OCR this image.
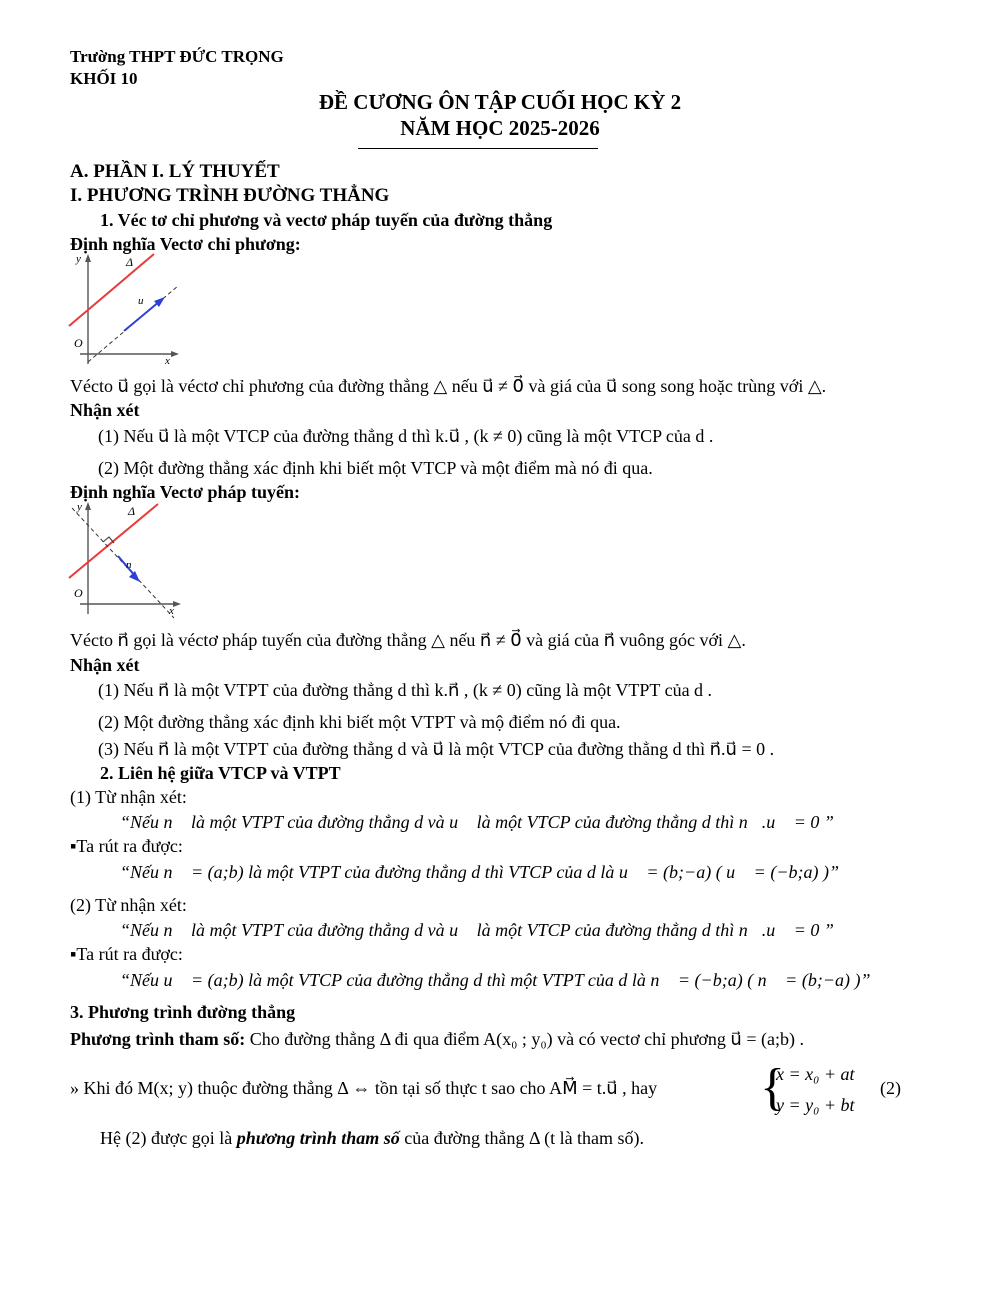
Trường THPT ĐỨC TRỌNG
KHỐI 10
ĐỀ CƯƠNG ÔN TẬP CUỐI HỌC KỲ 2
NĂM HỌC 2025-2026
A. PHẦN I. LÝ THUYẾT
I. PHƯƠNG TRÌNH ĐƯỜNG THẲNG
1. Véc tơ chỉ phương và vectơ pháp tuyến của đường thẳng
Định nghĩa Vectơ chỉ phương:
y	Δ
u⃗
O
x
Vécto u⃗ gọi là véctơ chỉ phương của đường thẳng △ nếu u⃗ ≠ 0⃗ và giá của u⃗ song song hoặc trùng với △.
Nhận xét
(1) Nếu u⃗ là một VTCP của đường thẳng d thì k.u⃗ , (k ≠ 0) cũng là một VTCP của d .
(2) Một đường thẳng xác định khi biết một VTCP và một điểm mà nó đi qua.
Định nghĩa Vectơ pháp tuyến:
y	Δ
n⃗
O
x
Vécto n⃗ gọi là véctơ pháp tuyến của đường thẳng △ nếu n⃗ ≠ 0⃗ và giá của n⃗ vuông góc với △.
Nhận xét
(1) Nếu n⃗ là một VTPT của đường thẳng d thì k.n⃗ , (k ≠ 0) cũng là một VTPT của d .
(2) Một đường thẳng xác định khi biết một VTPT và mộ điểm nó đi qua.
(3) Nếu n⃗ là một VTPT của đường thẳng d và u⃗ là một VTCP của đường thẳng d thì n⃗.u⃗ = 0 .
2. Liên hệ giữa VTCP và VTPT
(1) Từ nhận xét:
“Nếu n⃗ là một VTPT của đường thẳng d và u⃗ là một VTCP của đường thẳng d thì n⃗.u⃗ = 0 ”
▪Ta rút ra được:
“Nếu n⃗ = (a;b) là một VTPT của đường thẳng d thì VTCP của d là u⃗ = (b;−a) ( u⃗ = (−b;a) )”
(2) Từ nhận xét:
“Nếu n⃗ là một VTPT của đường thẳng d và u⃗ là một VTCP của đường thẳng d thì n⃗.u⃗ = 0 ”
▪Ta rút ra được:
“Nếu u⃗ = (a;b) là một VTCP của đường thẳng d thì một VTPT của d là n⃗ = (−b;a) ( n⃗ = (b;−a) )”
3. Phương trình đường thẳng
Phương trình tham số: Cho đường thẳng Δ đi qua điểm A(x₀ ; y₀) và có vectơ chỉ phương u⃗ = (a;b) .
» Khi đó M(x; y) thuộc đường thẳng Δ ⇔ tồn tại số thực t sao cho AM⃗ = t.u⃗ , hay {
x = x₀ + at
y = y₀ + bt
(2)
Hệ (2) được gọi là phương trình tham số của đường thẳng Δ (t là tham số).
